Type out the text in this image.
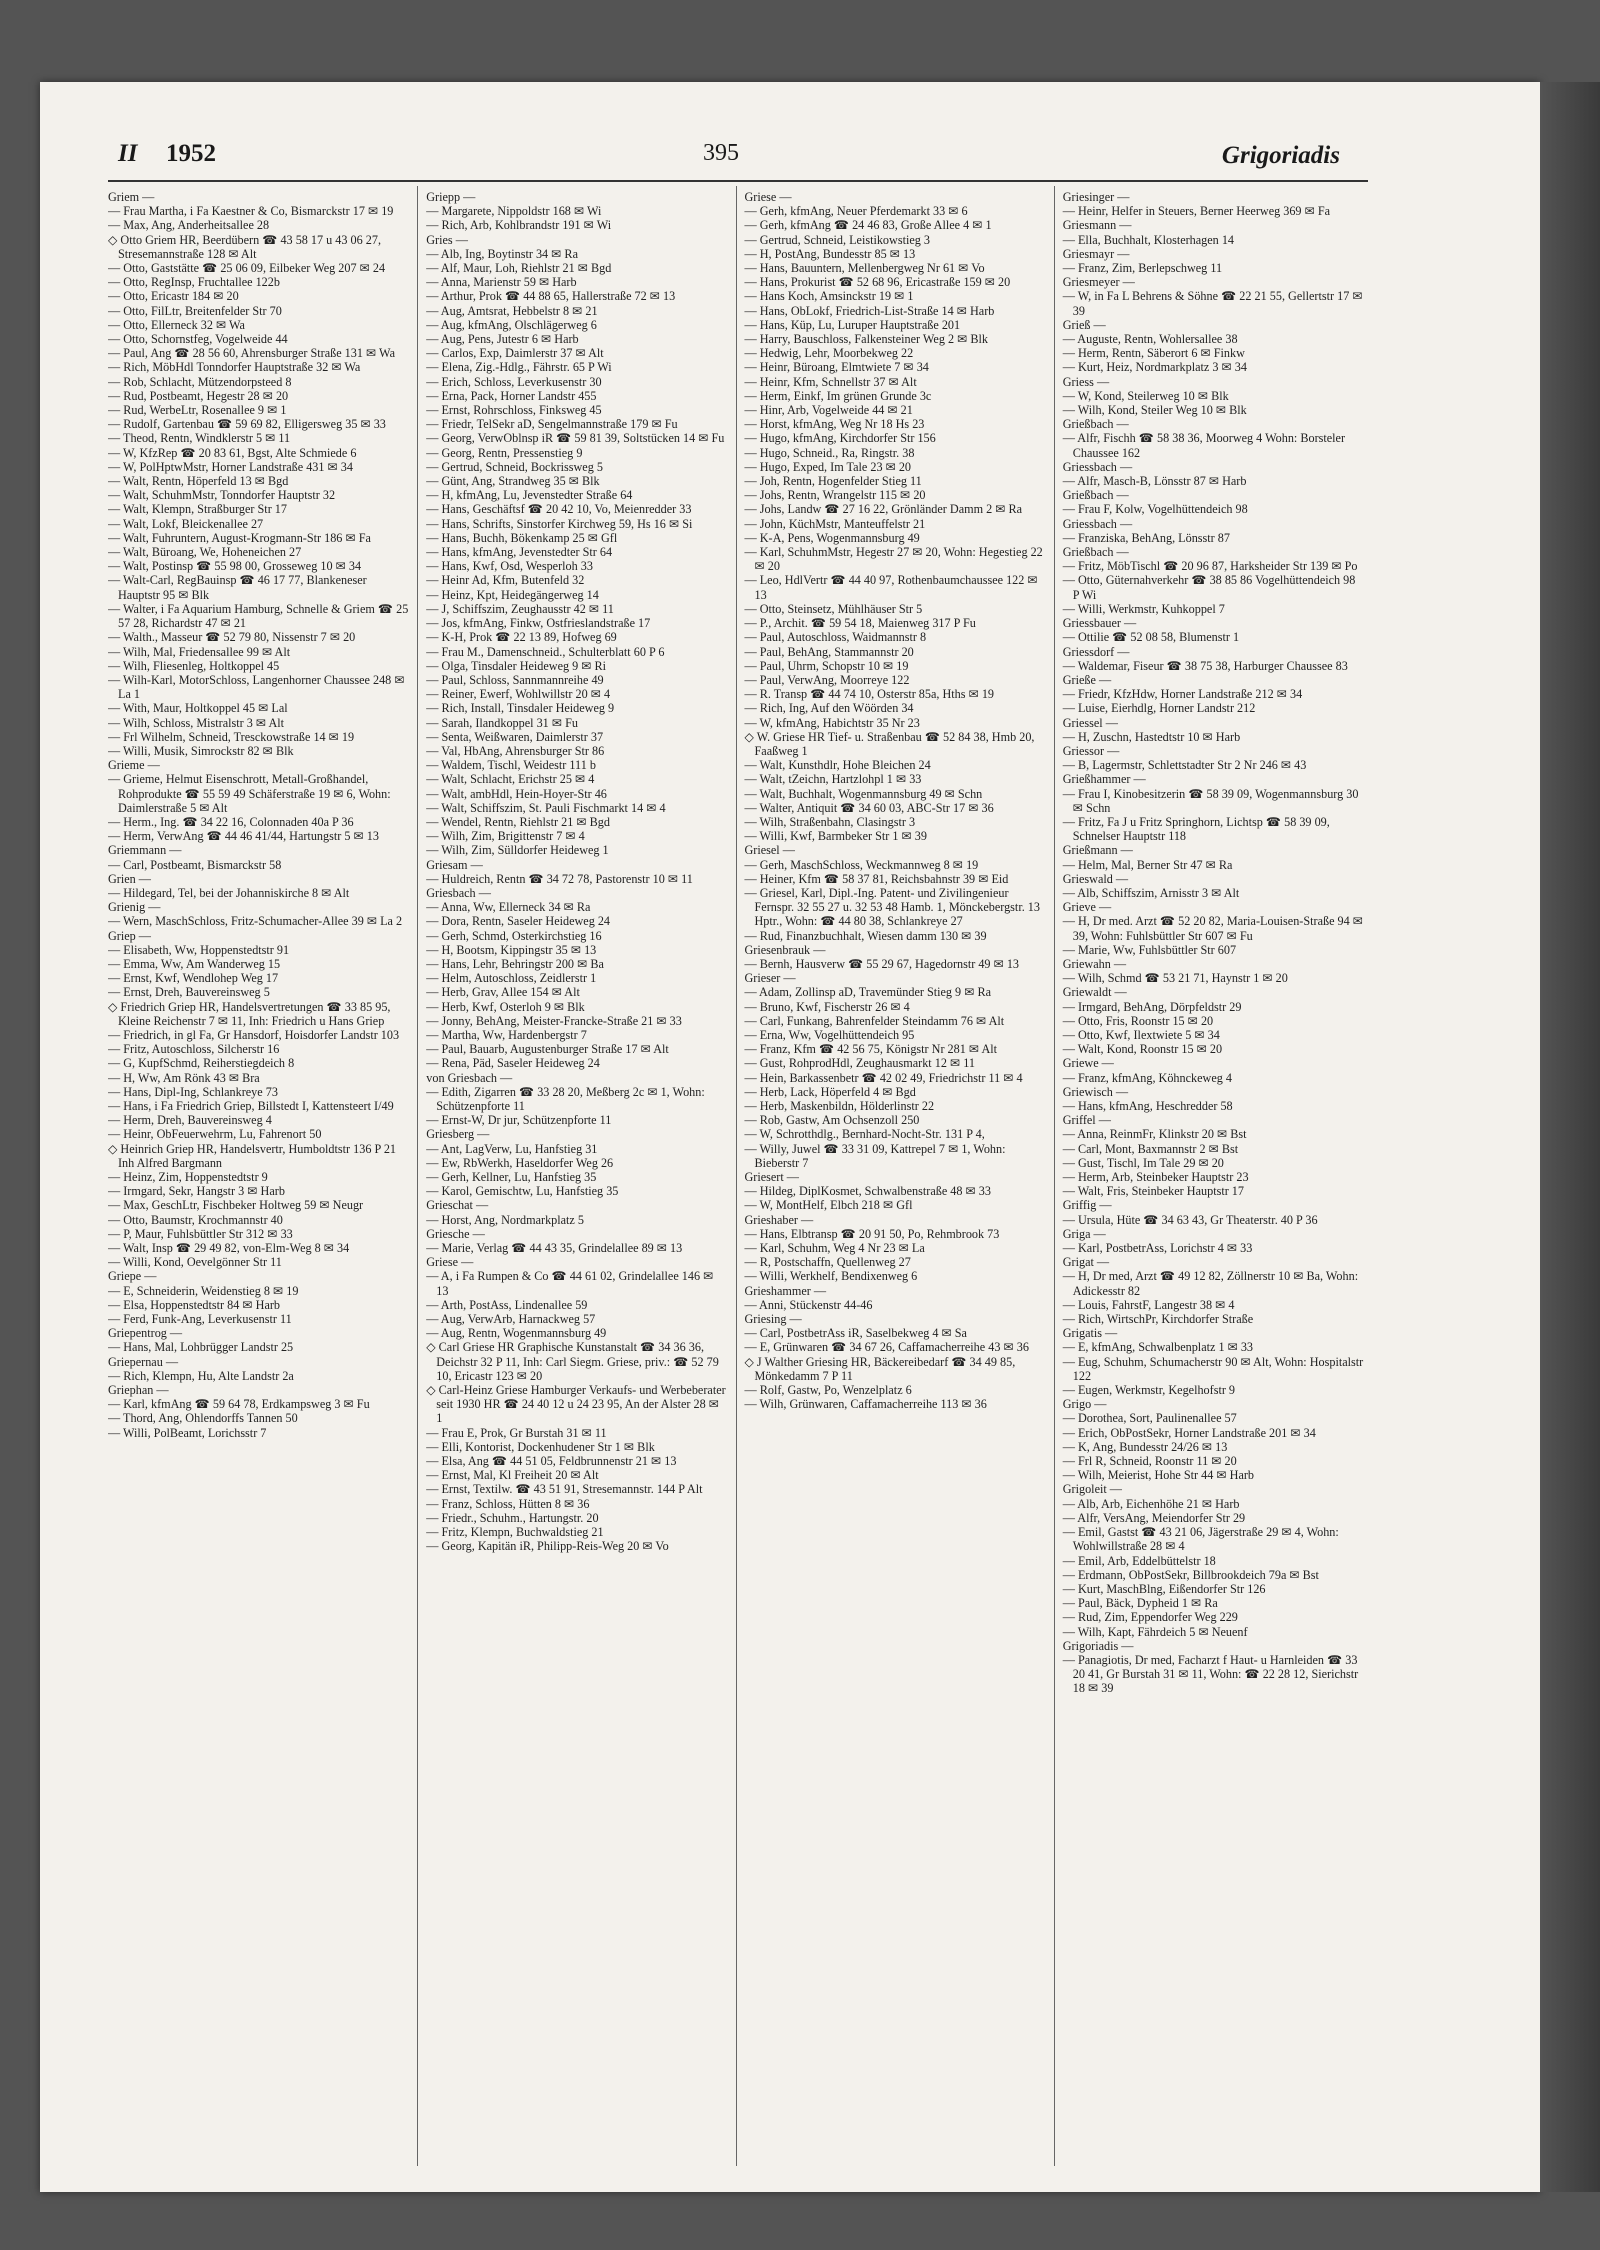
II 1952	395	Grigoriadis
Griem —
— Frau Martha, i Fa Kaestner & Co, Bismarckstr 17 ✉ 19
— Max, Ang, Anderheitsallee 28
◇ Otto Griem HR, Beerdübern ☎ 43 58 17 u 43 06 27, Stresemannstraße 128 ✉ Alt
— Otto, Gaststätte ☎ 25 06 09, Eilbeker Weg 207 ✉ 24
— Otto, RegInsp, Fruchtallee 122b
— Otto, Ericastr 184 ✉ 20
— Otto, FilLtr, Breitenfelder Str 70
— Otto, Ellerneck 32 ✉ Wa
— Otto, Schornstfeg, Vogelweide 44
— Paul, Ang ☎ 28 56 60, Ahrensburger Straße 131 ✉ Wa
— Rich, MöbHdl Tonndorfer Hauptstraße 32 ✉ Wa
— Rob, Schlacht, Mützendorpsteed 8
— Rud, Postbeamt, Hegestr 28 ✉ 20
— Rud, WerbeLtr, Rosenallee 9 ✉ 1
— Rudolf, Gartenbau ☎ 59 69 82, Elligersweg 35 ✉ 33
— Theod, Rentn, Windklerstr 5 ✉ 11
— W, KfzRep ☎ 20 83 61, Bgst, Alte Schmiede 6
— W, PolHptwMstr, Horner Landstraße 431 ✉ 34
— Walt, Rentn, Höperfeld 13 ✉ Bgd
— Walt, SchuhmMstr, Tonndorfer Hauptstr 32
— Walt, Klempn, Straßburger Str 17
— Walt, Lokf, Bleickenallee 27
— Walt, Fuhruntern, August-Krogmann-Str 186 ✉ Fa
— Walt, Büroang, We, Hoheneichen 27
— Walt, Postinsp ☎ 55 98 00, Grosseweg 10 ✉ 34
— Walt-Carl, RegBauinsp ☎ 46 17 77, Blankeneser Hauptstr 95 ✉ Blk
— Walter, i Fa Aquarium Hamburg, Schnelle & Griem ☎ 25 57 28, Richardstr 47 ✉ 21
— Walth., Masseur ☎ 52 79 80, Nissenstr 7 ✉ 20
— Wilh, Mal, Friedensallee 99 ✉ Alt
— Wilh, Fliesenleg, Holtkoppel 45
— Wilh-Karl, MotorSchloss, Langenhorner Chaussee 248 ✉ La 1
— With, Maur, Holtkoppel 45 ✉ Lal
— Wilh, Schloss, Mistralstr 3 ✉ Alt
— Frl Wilhelm, Schneid, Tresckowstraße 14 ✉ 19
— Willi, Musik, Simrockstr 82 ✉ Blk
Grieme —
— Grieme, Helmut Eisenschrott, Metall-Großhandel, Rohprodukte ☎ 55 59 49 Schäferstraße 19 ✉ 6, Wohn: Daimlerstraße 5 ✉ Alt
— Herm., Ing. ☎ 34 22 16, Colonnaden 40a P 36
— Herm, VerwAng ☎ 44 46 41/44, Hartungstr 5 ✉ 13
Griemmann —
— Carl, Postbeamt, Bismarckstr 58
Grien —
— Hildegard, Tel, bei der Johanniskirche 8 ✉ Alt
Grienig —
— Wern, MaschSchloss, Fritz-Schumacher-Allee 39 ✉ La 2
Griep —
— Elisabeth, Ww, Hoppenstedtstr 91
— Emma, Ww, Am Wanderweg 15
— Ernst, Kwf, Wendlohер Weg 17
— Ernst, Dreh, Bauvereinsweg 5
◇ Friedrich Griep HR, Handelsvertretungen ☎ 33 85 95, Kleine Reichenstr 7 ✉ 11, Inh: Friedrich u Hans Griep
— Friedrich, in gl Fa, Gr Hansdorf, Hoisdorfer Landstr 103
— Fritz, Autoschloss, Silcherstr 16
— G, KupfSchmd, Reiherstiegdeich 8
— H, Ww, Am Rönk 43 ✉ Bra
— Hans, Dipl-Ing, Schlankreye 73
— Hans, i Fa Friedrich Griep, Billstedt I, Kattensteert I/49
— Herm, Dreh, Bauvereinsweg 4
— Heinr, ObFeuerwehrm, Lu, Fahrenort 50
◇ Heinrich Griep HR, Handelsvertr, Humboldtstr 136 P 21 Inh Alfred Bargmann
— Heinz, Zim, Hoppenstedtstr 9
— Irmgard, Sekr, Hangstr 3 ✉ Harb
— Max, GeschLtr, Fischbeker Holtweg 59 ✉ Neugr
— Otto, Baumstr, Krochmannstr 40
— P, Maur, Fuhlsbüttler Str 312 ✉ 33
— Walt, Insp ☎ 29 49 82, von-Elm-Weg 8 ✉ 34
— Willi, Kond, Oevelgönner Str 11
Griepe —
— E, Schneiderin, Weidenstieg 8 ✉ 19
— Elsa, Hoppenstedtstr 84 ✉ Harb
— Ferd, Funk-Ang, Leverkusenstr 11
Griepentrog —
— Hans, Mal, Lohbrügger Landstr 25
Griepernau —
— Rich, Klempn, Hu, Alte Landstr 2a
Griephan —
— Karl, kfmAng ☎ 59 64 78, Erdkampsweg 3 ✉ Fu
— Thord, Ang, Ohlendorffs Tannen 50
— Willi, PolBeamt, Lorichsstr 7
Griepp —
— Margarete, Nippoldstr 168 ✉ Wi
— Rich, Arb, Kohlbrandstr 191 ✉ Wi
Gries —
— Alb, Ing, Boytinstr 34 ✉ Ra
— Alf, Maur, Loh, Riehlstr 21 ✉ Bgd
— Anna, Marienstr 59 ✉ Harb
— Arthur, Prok ☎ 44 88 65, Hallerstraße 72 ✉ 13
— Aug, Amtsrat, Hebbelstr 8 ✉ 21
— Aug, kfmAng, Olschlägerweg 6
— Aug, Pens, Jutestr 6 ✉ Harb
— Carlos, Exp, Daimlerstr 37 ✉ Alt
— Elena, Zig.-Hdlg., Fährstr. 65 P Wi
— Erich, Schloss, Leverkusenstr 30
— Erna, Pack, Horner Landstr 455
— Ernst, Rohrschloss, Finksweg 45
— Friedr, TelSekr aD, Sengelmannstraße 179 ✉ Fu
— Georg, VerwOblnsp iR ☎ 59 81 39, Soltstücken 14 ✉ Fu
— Georg, Rentn, Pressenstieg 9
— Gertrud, Schneid, Bockrissweg 5
— Günt, Ang, Strandweg 35 ✉ Blk
— H, kfmAng, Lu, Jevenstedter Straße 64
— Hans, Geschäftsf ☎ 20 42 10, Vo, Meienredder 33
— Hans, Schrifts, Sinstorfer Kirchweg 59, Hs 16 ✉ Si
— Hans, Buchh, Bökenkamp 25 ✉ Gfl
— Hans, kfmAng, Jevenstedter Str 64
— Hans, Kwf, Osd, Wesperloh 33
— Heinr Ad, Kfm, Butenfeld 32
— Heinz, Kpt, Heidegängerweg 14
— J, Schiffszim, Zeughausstr 42 ✉ 11
— Jos, kfmAng, Finkw, Ostfrieslandstraße 17
— K-H, Prok ☎ 22 13 89, Hofweg 69
— Frau M., Damenschneid., Schulterblatt 60 P 6
— Olga, Tinsdaler Heideweg 9 ✉ Ri
— Paul, Schloss, Sannmannreihe 49
— Reiner, Ewerf, Wohlwillstr 20 ✉ 4
— Rich, Install, Tinsdaler Heideweg 9
— Sarah, Ilandkoppel 31 ✉ Fu
— Senta, Weißwaren, Daimlerstr 37
— Val, HbAng, Ahrensburger Str 86
— Waldem, Tischl, Weidestr 111 b
— Walt, Schlacht, Erichstr 25 ✉ 4
— Walt, ambHdl, Hein-Hoyer-Str 46
— Walt, Schiffszim, St. Pauli Fischmarkt 14 ✉ 4
— Wendel, Rentn, Riehlstr 21 ✉ Bgd
— Wilh, Zim, Brigittenstr 7 ✉ 4
— Wilh, Zim, Sülldorfer Heideweg 1
Griesam —
— Huldreich, Rentn ☎ 34 72 78, Pastorenstr 10 ✉ 11
Griesbach —
— Anna, Ww, Ellerneck 34 ✉ Ra
— Dora, Rentn, Saseler Heideweg 24
— Gerh, Schmd, Osterkirchstieg 16
— H, Bootsm, Kippingstr 35 ✉ 13
— Hans, Lehr, Behringstr 200 ✉ Ba
— Helm, Autoschloss, Zeidlerstr 1
— Herb, Grav, Allee 154 ✉ Alt
— Herb, Kwf, Osterloh 9 ✉ Blk
— Jonny, BehAng, Meister-Francke-Straße 21 ✉ 33
— Martha, Ww, Hardenbergstr 7
— Paul, Bauarb, Augustenburger Straße 17 ✉ Alt
— Rena, Päd, Saseler Heideweg 24
von Griesbach —
— Edith, Zigarren ☎ 33 28 20, Meßberg 2c ✉ 1, Wohn: Schützenpforte 11
— Ernst-W, Dr jur, Schützenpforte 11
Griesberg —
— Ant, LagVerw, Lu, Hanfstieg 31
— Ew, RbWerkh, Haseldorfer Weg 26
— Gerh, Kellner, Lu, Hanfstieg 35
— Karol, Gemischtw, Lu, Hanfstieg 35
Grieschat —
— Horst, Ang, Nordmarkplatz 5
Griesche —
— Marie, Verlag ☎ 44 43 35, Grindelallee 89 ✉ 13
Griese —
— A, i Fa Rumpen & Co ☎ 44 61 02, Grindelallee 146 ✉ 13
— Arth, PostAss, Lindenallee 59
— Aug, VerwArb, Harnackweg 57
— Aug, Rentn, Wogenmannsburg 49
◇ Carl Griese HR Graphische Kunstanstalt ☎ 34 36 36, Deichstr 32 P 11, Inh: Carl Siegm. Griese, priv.: ☎ 52 79 10, Ericastr 123 ✉ 20
◇ Carl-Heinz Griese Hamburger Verkaufs- und Werbeberater seit 1930 HR ☎ 24 40 12 u 24 23 95, An der Alster 28 ✉ 1
— Frau E, Prok, Gr Burstah 31 ✉ 11
— Elli, Kontorist, Dockenhudener Str 1 ✉ Blk
— Elsa, Ang ☎ 44 51 05, Feldbrunnenstr 21 ✉ 13
— Ernst, Mal, Kl Freiheit 20 ✉ Alt
— Ernst, Textilw. ☎ 43 51 91, Stresemannstr. 144 P Alt
— Franz, Schloss, Hütten 8 ✉ 36
— Friedr., Schuhm., Hartungstr. 20
— Fritz, Klempn, Buchwaldstieg 21
— Georg, Kapitän iR, Philipp-Reis-Weg 20 ✉ Vo
Griese —
— Gerh, kfmAng, Neuer Pferdemarkt 33 ✉ 6
— Gerh, kfmAng ☎ 24 46 83, Große Allee 4 ✉ 1
— Gertrud, Schneid, Leistikowstieg 3
— H, PostAng, Bundesstr 85 ✉ 13
— Hans, Bauuntern, Mellenbergweg Nr 61 ✉ Vo
— Hans, Prokurist ☎ 52 68 96, Ericastraße 159 ✉ 20
— Hans Koch, Amsinckstr 19 ✉ 1
— Hans, ObLokf, Friedrich-List-Straße 14 ✉ Harb
— Hans, Küp, Lu, Luruper Hauptstraße 201
— Harry, Bauschloss, Falkensteiner Weg 2 ✉ Blk
— Hedwig, Lehr, Moorbekweg 22
— Heinr, Büroang, Elmtwiete 7 ✉ 34
— Heinr, Kfm, Schnellstr 37 ✉ Alt
— Herm, Einkf, Im grünen Grunde 3c
— Hinr, Arb, Vogelweide 44 ✉ 21
— Horst, kfmAng, Weg Nr 18 Hs 23
— Hugo, kfmAng, Kirchdorfer Str 156
— Hugo, Schneid., Ra, Ringstr. 38
— Hugo, Exped, Im Tale 23 ✉ 20
— Joh, Rentn, Hogenfelder Stieg 11
— Johs, Rentn, Wrangelstr 115 ✉ 20
— Johs, Landw ☎ 27 16 22, Grönländer Damm 2 ✉ Ra
— John, KüchMstr, Manteuffelstr 21
— K-A, Pens, Wogenmannsburg 49
— Karl, SchuhmMstr, Hegestr 27 ✉ 20, Wohn: Hegestieg 22 ✉ 20
— Leo, HdlVertr ☎ 44 40 97, Rothenbaumchaussee 122 ✉ 13
— Otto, Steinsetz, Mühlhäuser Str 5
— P., Archit. ☎ 59 54 18, Maienweg 317 P Fu
— Paul, Autoschloss, Waidmannstr 8
— Paul, BehAng, Stammannstr 20
— Paul, Uhrm, Schopstr 10 ✉ 19
— Paul, VerwAng, Moorreye 122
— R. Transp ☎ 44 74 10, Osterstr 85a, Hths ✉ 19
— Rich, Ing, Auf den Wöörden 34
— W, kfmAng, Habichtstr 35 Nr 23
◇ W. Griese HR Tief- u. Straßenbau ☎ 52 84 38, Hmb 20, Faaßweg 1
— Walt, Kunsthdlr, Hohe Bleichen 24
— Walt, tZeichn, Hartzlohpl 1 ✉ 33
— Walt, Buchhalt, Wogenmannsburg 49 ✉ Schn
— Walter, Antiquit ☎ 34 60 03, ABC-Str 17 ✉ 36
— Wilh, Straßenbahn, Clasingstr 3
— Willi, Kwf, Barmbeker Str 1 ✉ 39
Griesel —
— Gerh, MaschSchloss, Weckmannweg 8 ✉ 19
— Heiner, Kfm ☎ 58 37 81, Reichsbahnstr 39 ✉ Eid
— Griesel, Karl, Dipl.-Ing. Patent- und Zivilingenieur Fernspr. 32 55 27 u. 32 53 48 Hamb. 1, Mönckebergstr. 13 Hptr., Wohn: ☎ 44 80 38, Schlankreye 27
— Rud, Finanzbuchhalt, Wiesen damm 130 ✉ 39
Griesenbrauk —
— Bernh, Hausverw ☎ 55 29 67, Hagedornstr 49 ✉ 13
Grieser —
— Adam, Zollinsp aD, Travemünder Stieg 9 ✉ Ra
— Bruno, Kwf, Fischerstr 26 ✉ 4
— Carl, Funkang, Bahrenfelder Steindamm 76 ✉ Alt
— Erna, Ww, Vogelhüttendeich 95
— Franz, Kfm ☎ 42 56 75, Königstr Nr 281 ✉ Alt
— Gust, RohprodHdl, Zeughausmarkt 12 ✉ 11
— Hein, Barkassenbetr ☎ 42 02 49, Friedrichstr 11 ✉ 4
— Herb, Lack, Höperfeld 4 ✉ Bgd
— Herb, Maskenbildn, Hölderlinstr 22
— Rob, Gastw, Am Ochsenzoll 250
— W, Schrotthdlg., Bernhard-Nocht-Str. 131 P 4,
— Willy, Juwel ☎ 33 31 09, Kattrepel 7 ✉ 1, Wohn: Bieberstr 7
Griesert —
— Hildeg, DiplKosmet, Schwalbenstraße 48 ✉ 33
— W, MontHelf, Elbch 218 ✉ Gfl
Grieshaber —
— Hans, Elbtransp ☎ 20 91 50, Po, Rehmbrook 73
— Karl, Schuhm, Weg 4 Nr 23 ✉ La
— R, Postschaffn, Quellenweg 27
— Willi, Werkhelf, Bendixenweg 6
Grieshammer —
— Anni, Stückenstr 44-46
Griesing —
— Carl, PostbetrAss iR, Saselbekweg 4 ✉ Sa
— E, Grünwaren ☎ 34 67 26, Caffamacherreihe 43 ✉ 36
◇ J Walther Griesing HR, Bäckereibedarf ☎ 34 49 85, Mönkedamm 7 P 11
— Rolf, Gastw, Po, Wenzelplatz 6
— Wilh, Grünwaren, Caffamacherreihe 113 ✉ 36
Griesinger —
— Heinr, Helfer in Steuers, Berner Heerweg 369 ✉ Fa
Griesmann —
— Ella, Buchhalt, Klosterhagen 14
Griesmayr —
— Franz, Zim, Berlepschweg 11
Griesmeyer —
— W, in Fa L Behrens & Söhne ☎ 22 21 55, Gellertstr 17 ✉ 39
Grieß —
— Auguste, Rentn, Wohlersallee 38
— Herm, Rentn, Säberort 6 ✉ Finkw
— Kurt, Heiz, Nordmarkplatz 3 ✉ 34
Griess —
— W, Kond, Steilerweg 10 ✉ Blk
— Wilh, Kond, Steiler Weg 10 ✉ Blk
Grießbach —
— Alfr, Fischh ☎ 58 38 36, Moorweg 4 Wohn: Borsteler Chaussee 162
Griessbach —
— Alfr, Masch-B, Lönsstr 87 ✉ Harb
Grießbach —
— Frau F, Kolw, Vogelhüttendeich 98
Griessbach —
— Franziska, BehAng, Lönsstr 87
Grießbach —
— Fritz, MöbTischl ☎ 20 96 87, Harksheider Str 139 ✉ Po
— Otto, Güternahverkehr ☎ 38 85 86 Vogelhüttendeich 98 P Wi
— Willi, Werkmstr, Kuhkoppel 7
Griessbauer —
— Ottilie ☎ 52 08 58, Blumenstr 1
Griessdorf —
— Waldemar, Fiseur ☎ 38 75 38, Harburger Chaussee 83
Grieße —
— Friedr, KfzHdw, Horner Landstraße 212 ✉ 34
— Luise, Eierhdlg, Horner Landstr 212
Griessel —
— H, Zuschn, Hastedtstr 10 ✉ Harb
Griessor —
— B, Lagermstr, Schlettstadter Str 2 Nr 246 ✉ 43
Grießhammer —
— Frau I, Kinobesitzerin ☎ 58 39 09, Wogenmannsburg 30 ✉ Schn
— Fritz, Fa J u Fritz Springhorn, Lichtsp ☎ 58 39 09, Schnelser Hauptstr 118
Grießmann —
— Helm, Mal, Berner Str 47 ✉ Ra
Grieswald —
— Alb, Schiffszim, Arnisstr 3 ✉ Alt
Grieve —
— H, Dr med. Arzt ☎ 52 20 82, Maria-Louisen-Straße 94 ✉ 39, Wohn: Fuhlsbüttler Str 607 ✉ Fu
— Marie, Ww, Fuhlsbüttler Str 607
Griewahn —
— Wilh, Schmd ☎ 53 21 71, Haynstr 1 ✉ 20
Griewaldt —
— Irmgard, BehAng, Dörpfeldstr 29
— Otto, Fris, Roonstr 15 ✉ 20
— Otto, Kwf, Ilextwiete 5 ✉ 34
— Walt, Kond, Roonstr 15 ✉ 20
Griewe —
— Franz, kfmAng, Köhnckeweg 4
Griewisch —
— Hans, kfmAng, Heschredder 58
Griffel —
— Anna, ReinmFr, Klinkstr 20 ✉ Bst
— Carl, Mont, Baxmannstr 2 ✉ Bst
— Gust, Tischl, Im Tale 29 ✉ 20
— Herm, Arb, Steinbeker Hauptstr 23
— Walt, Fris, Steinbeker Hauptstr 17
Griffig —
— Ursula, Hüte ☎ 34 63 43, Gr Theaterstr. 40 P 36
Griga —
— Karl, PostbetrAss, Lorichstr 4 ✉ 33
Grigat —
— H, Dr med, Arzt ☎ 49 12 82, Zöllnerstr 10 ✉ Ba, Wohn: Adickesstr 82
— Louis, FahrstF, Langestr 38 ✉ 4
— Rich, WirtschPr, Kirchdorfer Straße
Grigatis —
— E, kfmAng, Schwalbenplatz 1 ✉ 33
— Eug, Schuhm, Schumacherstr 90 ✉ Alt, Wohn: Hospitalstr 122
— Eugen, Werkmstr, Kegelhofstr 9
Grigo —
— Dorothea, Sort, Paulinenallee 57
— Erich, ObPostSekr, Horner Landstraße 201 ✉ 34
— K, Ang, Bundesstr 24/26 ✉ 13
— Frl R, Schneid, Roonstr 11 ✉ 20
— Wilh, Meierist, Hohe Str 44 ✉ Harb
Grigoleit —
— Alb, Arb, Eichenhöhe 21 ✉ Harb
— Alfr, VersAng, Meiendorfer Str 29
— Emil, Gastst ☎ 43 21 06, Jägerstraße 29 ✉ 4, Wohn: Wohlwillstraße 28 ✉ 4
— Emil, Arb, Eddelbüttelstr 18
— Erdmann, ObPostSekr, Billbrookdeich 79a ✉ Bst
— Kurt, MaschBlng, Eißendorfer Str 126
— Paul, Bäck, Dypheid 1 ✉ Ra
— Rud, Zim, Eppendorfer Weg 229
— Wilh, Kapt, Fährdeich 5 ✉ Neuenf
Grigoriadis —
— Panagiotis, Dr med, Facharzt f Haut- u Harnleiden ☎ 33 20 41, Gr Burstah 31 ✉ 11, Wohn: ☎ 22 28 12, Sierichstr 18 ✉ 39
